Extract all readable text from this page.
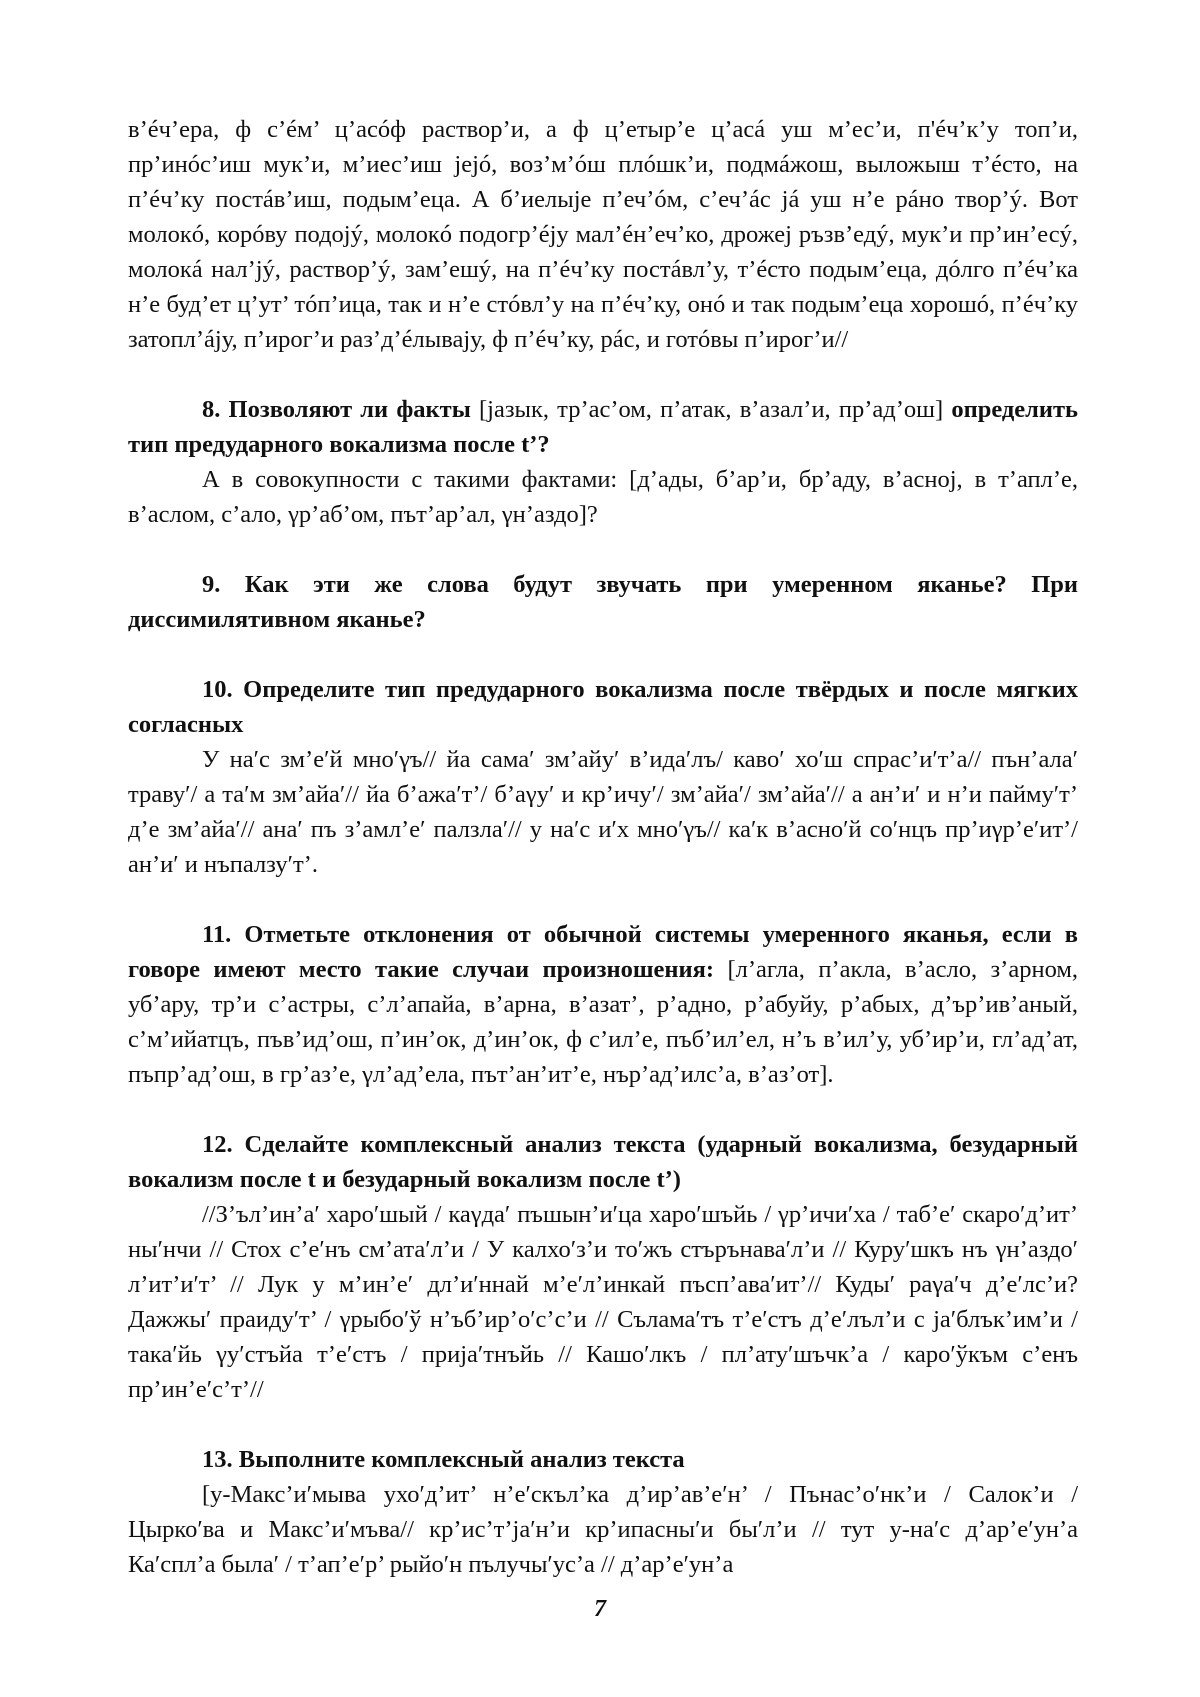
в’éч’ера, ф с’éм’ ц’асóф раствор’и, а ф ц’етыр’е ц’асá уш м’ес’и, п'éч’к’у топ’и, пр’инóс’иш мук’и, м’иес’иш јејó, воз’м’óш плóшк’и, подмáжош, выложыш т’éсто, на п’éч’ку постáв’иш, подым’еца. А б’иелыје п’еч’óм, с’еч’áс јá уш н’е рáно твор’ý. Вот молокó, корóву подојý, молокó подогр’éју мал’éн’еч’ко, дрожеј ръзв’едý, мук’и пр’ин’есý, молокá нал’јý, раствор’ý, зам’ешý, на п’éч’ку постáвл’у, т’éсто подым’еца, дóлго п’éч’ка н’е буд’ет ц’ут’ тóп’ица, так и н’е стóвл’у на п’éч’ку, онó и так подым’еца хорошó, п’éч’ку затопл’áју, п’ирог’и раз’д’éлывају, ф п’éч’ку, рáс, и готóвы п’ирог’и//

8. Позволяют ли факты [јазык, тр’ас’ом, п’атак, в’азал’и, пр’ад’ош] определить тип предударного вокализма после t’?

А в совокупности с такими фактами: [д’ады, б’ар’и, бр’аду, в’асној, в т’апл’е, в’аслом, с’ало, γр’аб’ом, път’ар’ал, γн’аздо]?

9. Как эти же слова будут звучать при умеренном яканье? При диссимилятивном яканье?

10. Определите тип предударного вокализма после твёрдых и после мягких согласных

У на′с зм’е′й мно′γъ// йа сама′ зм’айу′ в’ида′лъ/ каво′ хо′ш спрас’и′т’а// пън’ала′ траву′/ а та′м зм’айа′// йа б’ажа′т’/ б’аγу′ и кр’ичу′/ зм’айа′/ зм’айа′// а ан’и′ и н’и пайму′т’ д’е зм’айа′// ана′ пъ з’амл’е′ палзла′// у на′с и′х мно′γъ// ка′к в’асно′й со′нцъ пр’иγр’е′ит’/ ан’и′ и нъпалзу′т’.

11. Отметьте отклонения от обычной системы умеренного яканья, если в говоре имеют место такие случаи произношения: [л’агла, п’акла, в’асло, з’арном, уб’ару, тр’и с’астры, с’л’апайа, в’арна, в’азат’, р’адно, р’абуйу, р’абых, д’ър’ив’аный, с’м’ийатцъ, пъв’ид’ош, п’ин’ок, д’ин’ок, ф с’ил’е, пъб’ил’ел, н’ъ в’ил’у, уб’ир’и, гл’ад’ат, пъпр’ад’ош, в гр’аз’е, γл’ад’ела, път’ан’ит’е, нър’ад’илс’а, в’аз’от].

12. Сделайте комплексный анализ текста (ударный вокализма, безударный вокализм после t и безударный вокализм после t’)

//З’ъл’ин’а′ харо′шый / каγда′ пъшын’и′ца харо′шъйь / γр’ичи′ха / таб’е′ скаро′д’ит’ ны′нчи // Стох с’е′нъ см’ата′л’и / У калхо′з’и то′жъ стърънава′л’и // Куру′шкъ нъ γн’аздо′ л’ит’и′т’ // Лук у м’ин’е′ дл’и′ннай м’е′л’инкай пъсп’ава′ит’// Куды′ раγа′ч д’е′лс’и? Дажжы′ праиду′т’ / γрыбо′ў н’ъб’ир’о′с’с’и // Сълама′тъ т’е′стъ д’е′лъл’и с ја′блък’им’и / така′йь γу′стъйа т’е′стъ / прија′тнъйь // Кашо′лкъ / пл’ату′шъчк’а / каро′ўкъм с’енъ пр’ин’е′с’т’//

13. Выполните комплексный анализ текста

[у-Макс’и′мыва ухо′д’ит’ н’е′скъл’ка д’ир’ав’е′н’ / Пънас’о′нк’и / Салок’и / Цырко′ва и Макс’и′мъва// кр’ис’т’ја′н’и кр’ипасны′и бы′л’и // тут у-на′с д’ар’е′ун’а Ка′спл’а была′ / т’ап’е′р’ рыйо′н пълучы′ус’а // д’ар’е′ун’а

7
